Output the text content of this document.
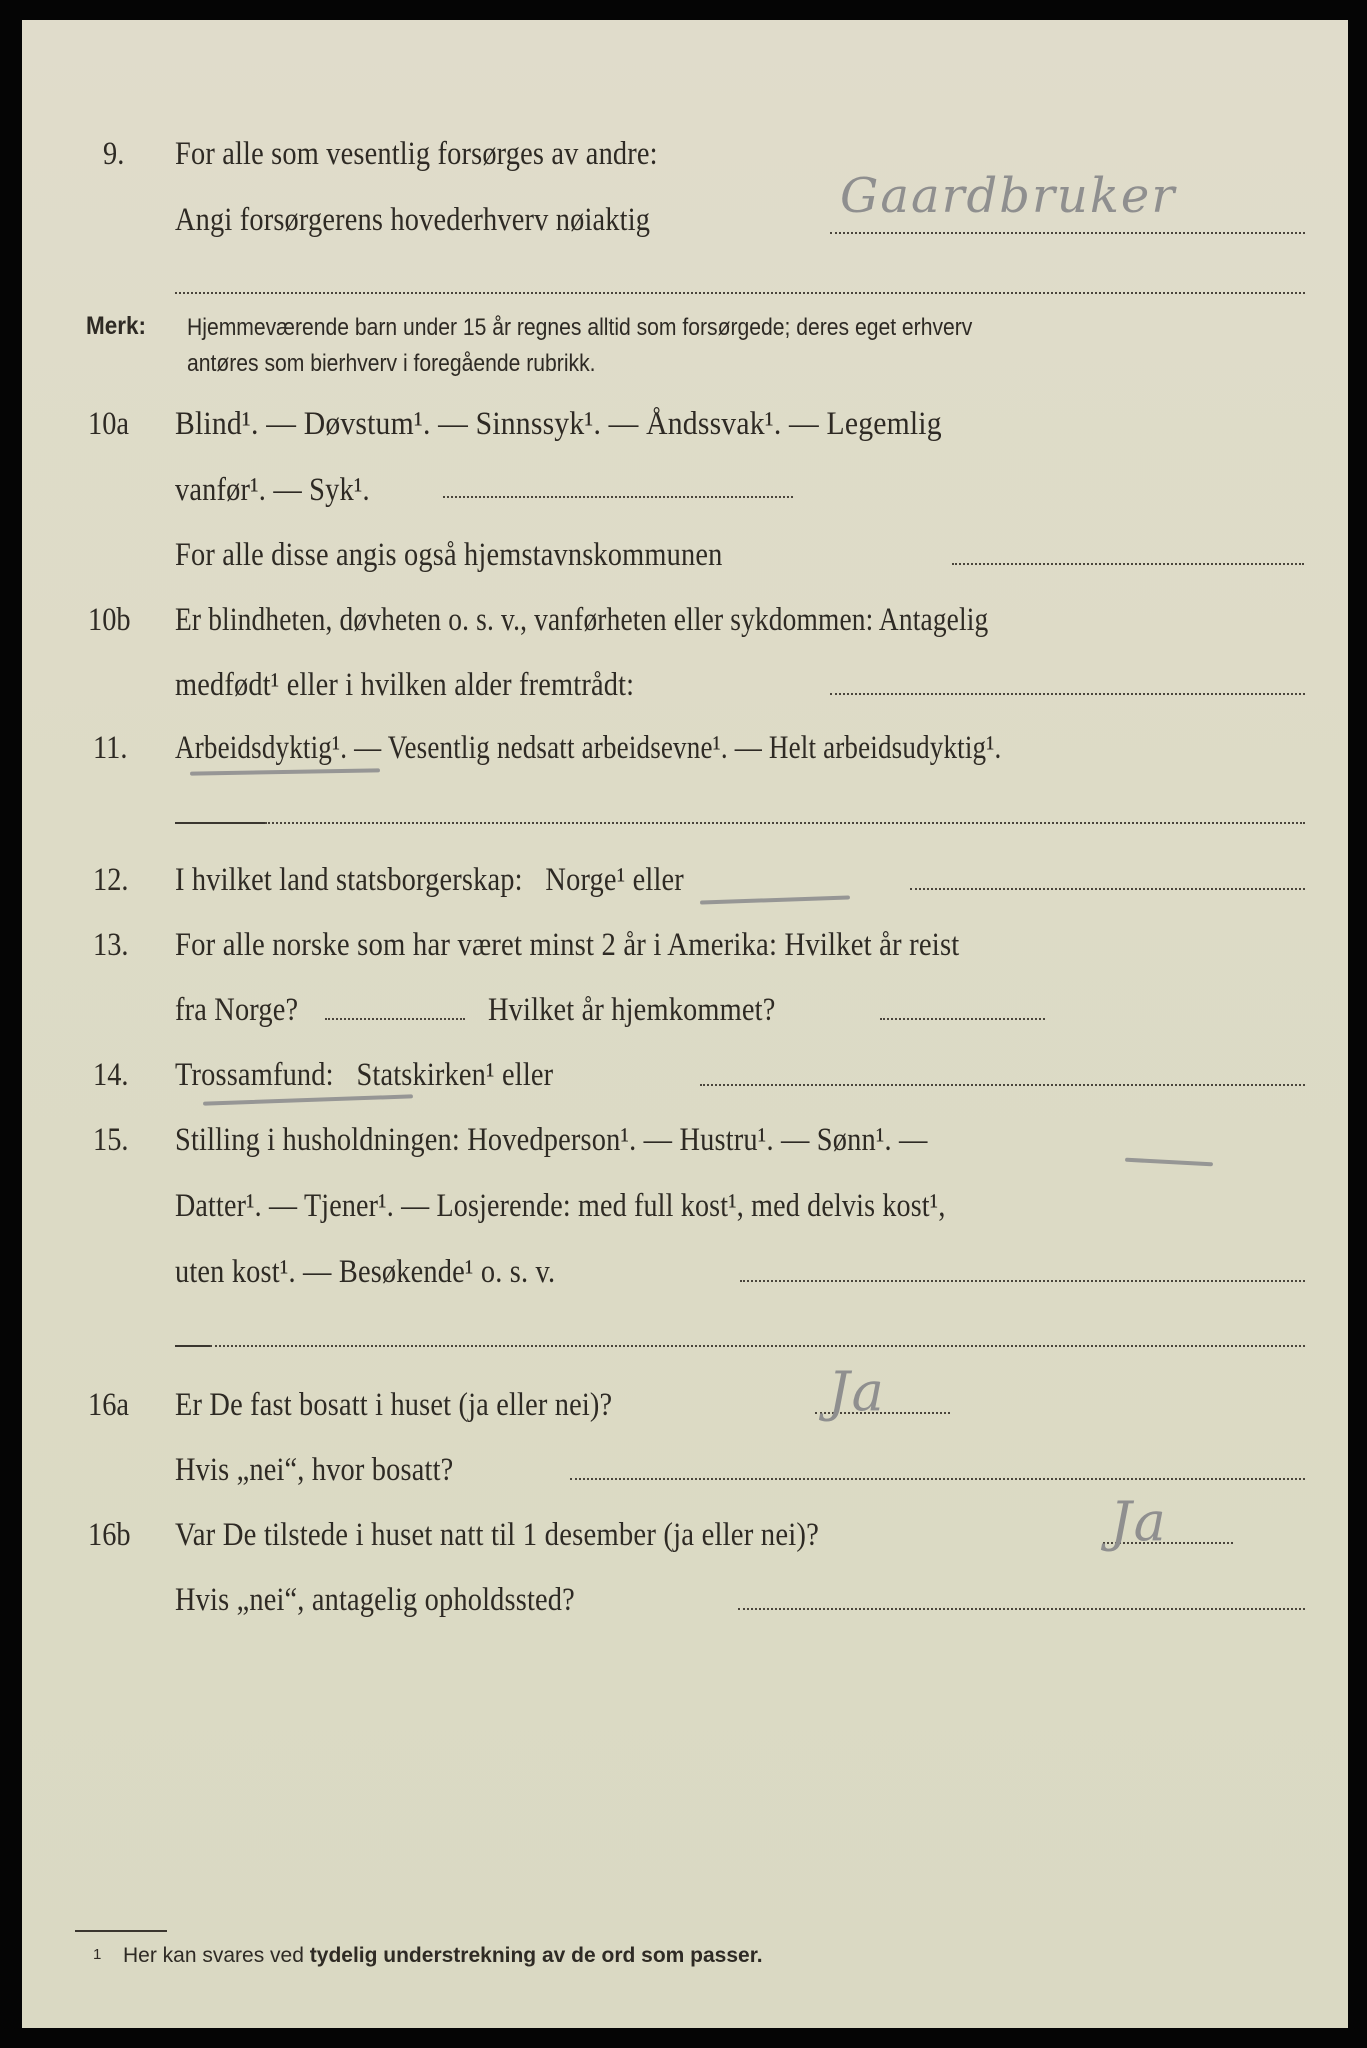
9. For alle som vesentlig forsørges av andre:
Angi forsørgerens hovederhverv nøiaktig	Gaardbruker
Merk: Hjemmeværende barn under 15 år regnes alltid som forsørgede; deres eget erhverv
antøres som bierhverv i foregående rubrikk.
10a Blind¹. — Døvstum¹. — Sinnssyk¹. — Åndssvak¹. — Legemlig
vanfør¹. — Syk¹.
For alle disse angis også hjemstavnskommunen
10b Er blindheten, døvheten o. s. v., vanførheten eller sykdommen: Antagelig
medfødt¹ eller i hvilken alder fremtrådt:
11. Arbeidsdyktig¹. — Vesentlig nedsatt arbeidsevne¹. — Helt arbeidsudyktig¹.
12. I hvilket land statsborgerskap: Norge¹ eller
13. For alle norske som har været minst 2 år i Amerika: Hvilket år reist
fra Norge?	Hvilket år hjemkommet?
14. Trossamfund: Statskirken¹ eller
15. Stilling i husholdningen: Hovedperson¹. — Hustru¹. — Sønn¹. —
Datter¹. — Tjener¹. — Losjerende: med full kost¹, med delvis kost¹,
uten kost¹. — Besøkende¹ o. s. v.
16a Er De fast bosatt i huset (ja eller nei)?	Ja
Hvis „nei“, hvor bosatt?
16b Var De tilstede i huset natt til 1 desember (ja eller nei)?	Ja
Hvis „nei“, antagelig opholdssted?
1 Her kan svares ved tydelig understrekning av de ord som passer.
